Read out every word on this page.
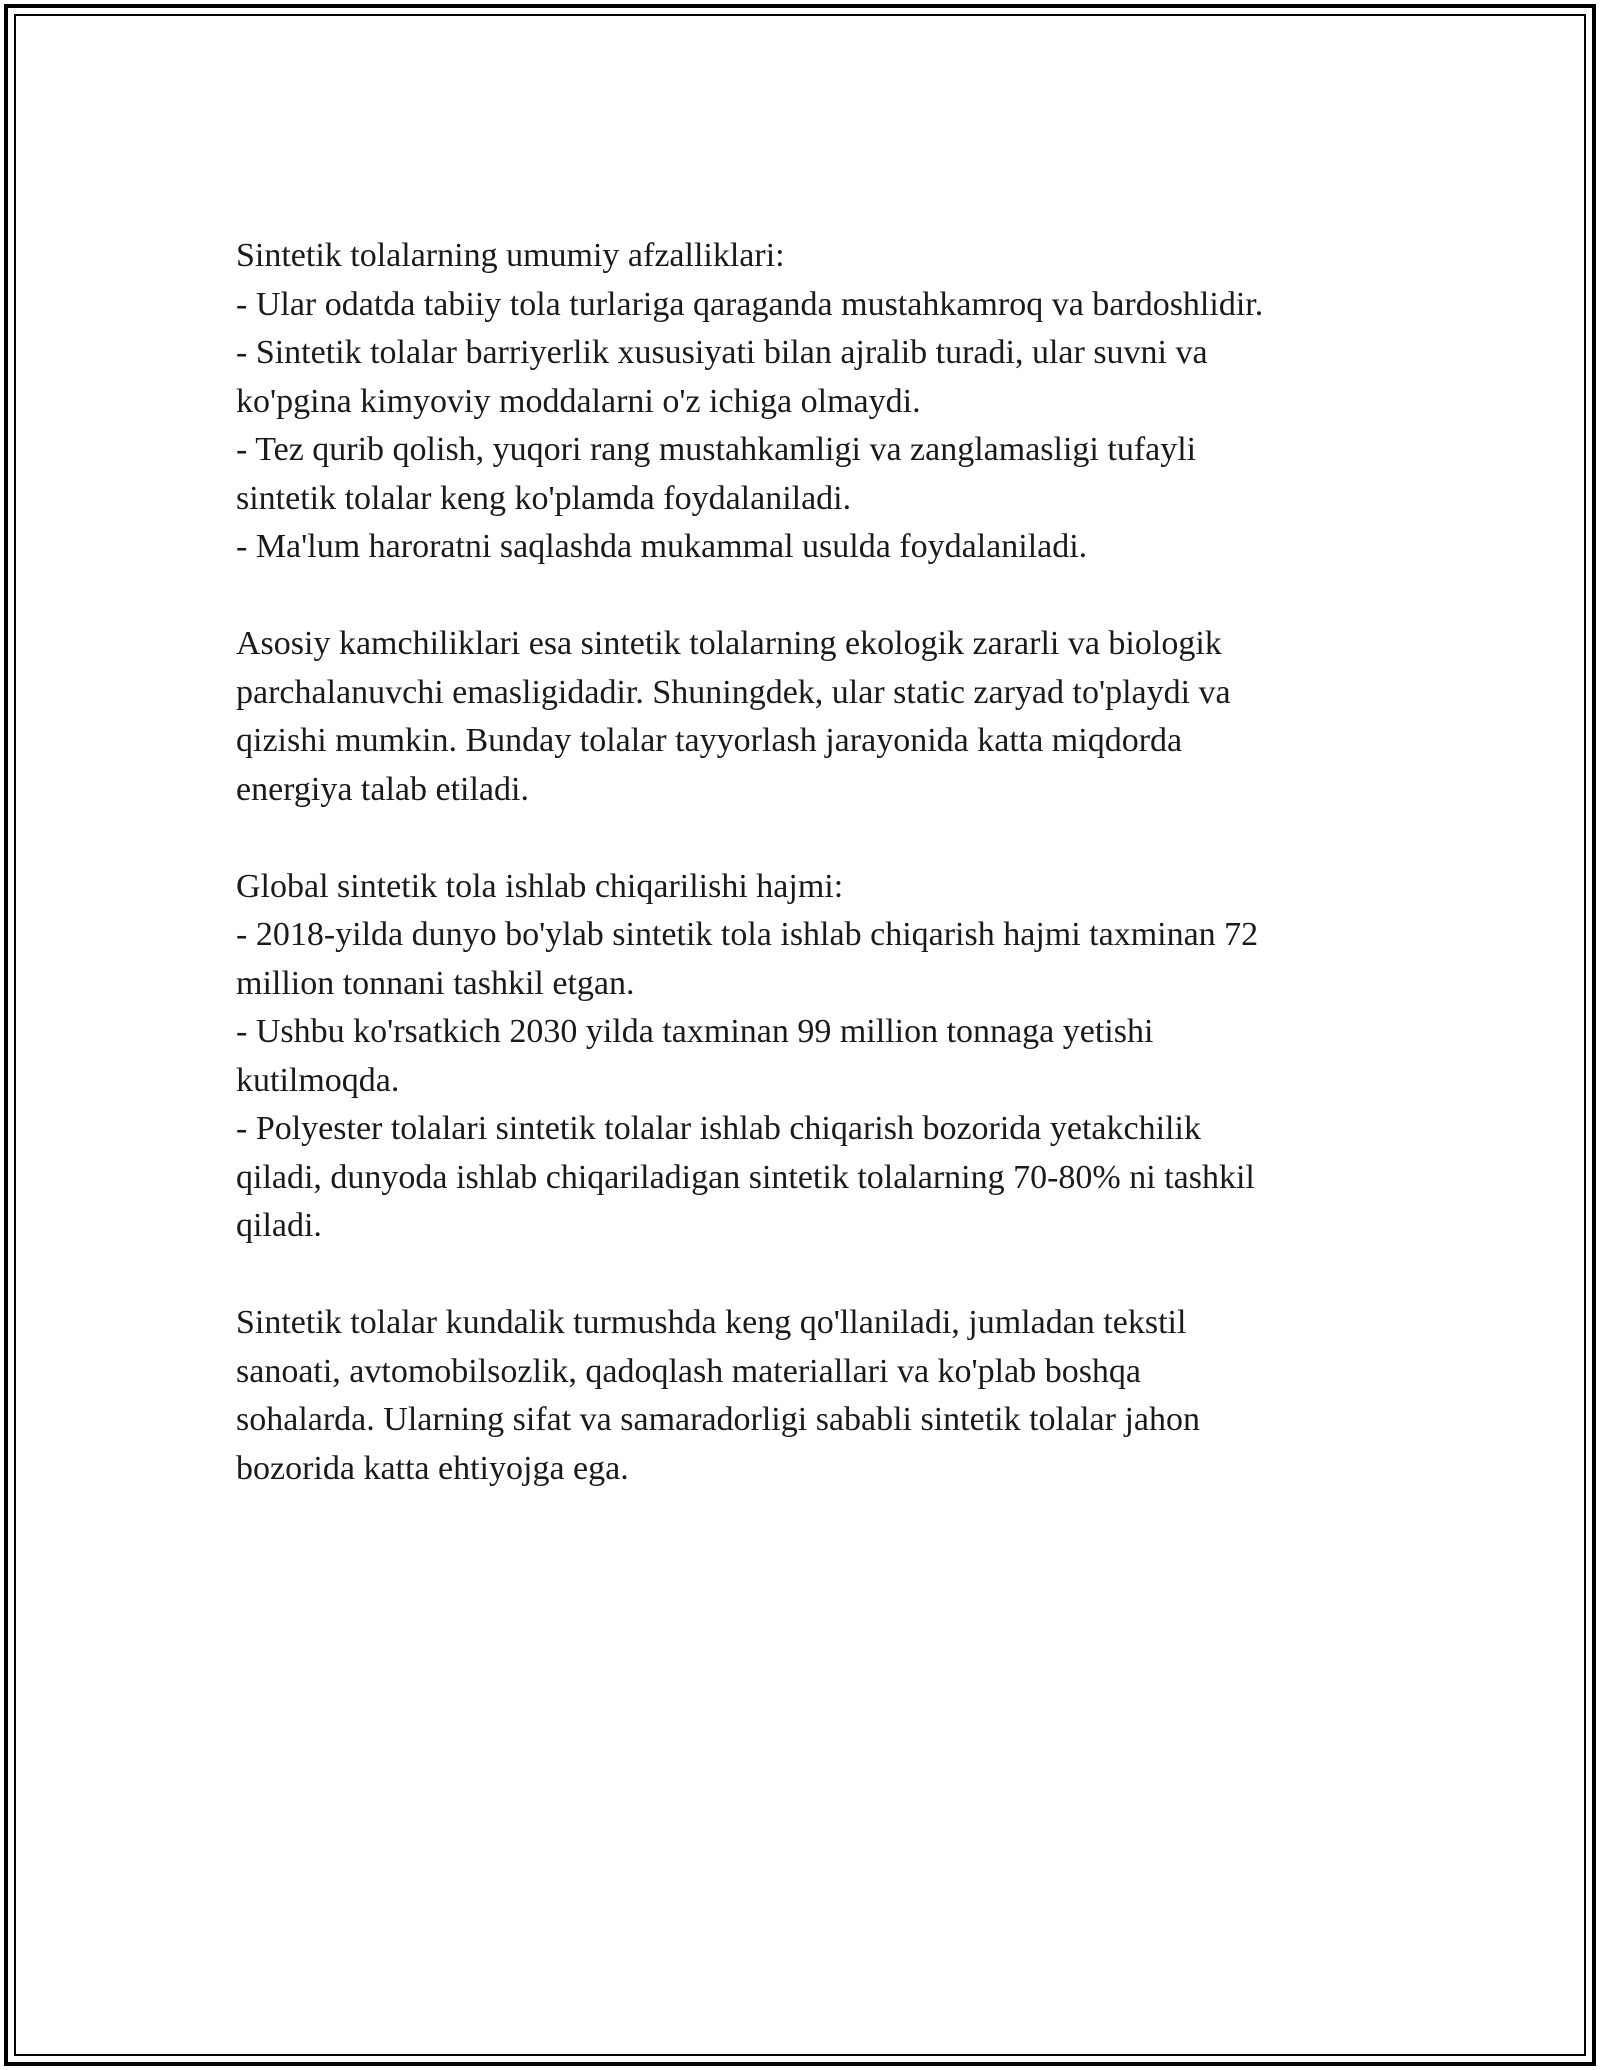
Sintetik tolalarning umumiy afzalliklari:
- Ular odatda tabiiy tola turlariga qaraganda mustahkamroq va bardoshlidir.
- Sintetik tolalar barriyerlik xususiyati bilan ajralib turadi, ular suvni va
ko'pgina kimyoviy moddalarni o'z ichiga olmaydi.
- Tez qurib qolish, yuqori rang mustahkamligi va zanglamasligi tufayli
sintetik tolalar keng ko'plamda foydalaniladi.
- Ma'lum haroratni saqlashda mukammal usulda foydalaniladi.
Asosiy kamchiliklari esa sintetik tolalarning ekologik zararli va biologik
parchalanuvchi emasligidadir. Shuningdek, ular static zaryad to'playdi va
qizishi mumkin. Bunday tolalar tayyorlash jarayonida katta miqdorda
energiya talab etiladi.
Global sintetik tola ishlab chiqarilishi hajmi:
- 2018-yilda dunyo bo'ylab sintetik tola ishlab chiqarish hajmi taxminan 72
million tonnani tashkil etgan.
- Ushbu ko'rsatkich 2030 yilda taxminan 99 million tonnaga yetishi
kutilmoqda.
- Polyester tolalari sintetik tolalar ishlab chiqarish bozorida yetakchilik
qiladi, dunyoda ishlab chiqariladigan sintetik tolalarning 70-80% ni tashkil
qiladi.
Sintetik tolalar kundalik turmushda keng qo'llaniladi, jumladan tekstil
sanoati, avtomobilsozlik, qadoqlash materiallari va ko'plab boshqa
sohalarda. Ularning sifat va samaradorligi sababli sintetik tolalar jahon
bozorida katta ehtiyojga ega.
